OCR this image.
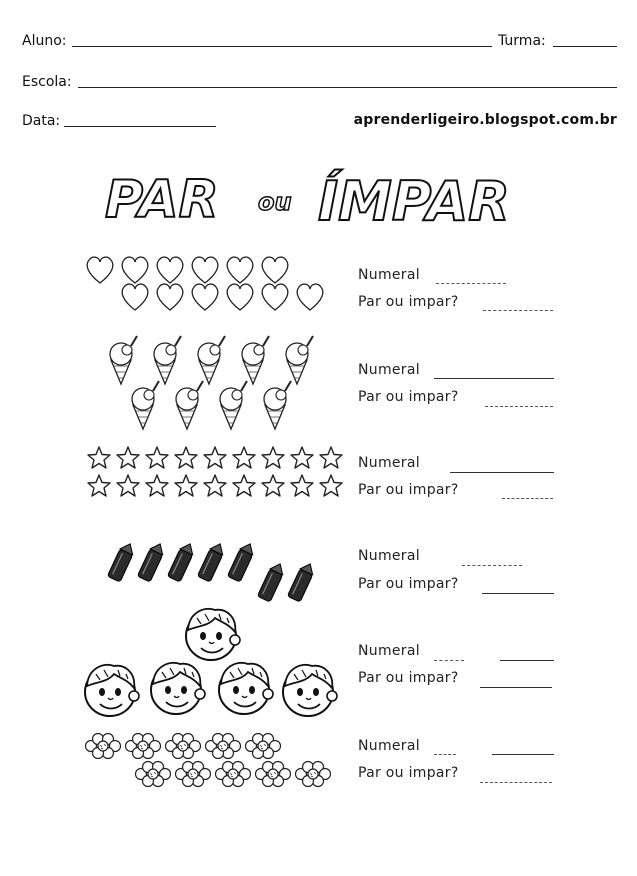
Aluno:	Turma:
Escola:
Data:	aprenderligeiro.blogspot.com.br
PAR ou ÍMPAR
Numeral
Par ou impar?
Numeral
Par ou impar?
Numeral
Par ou impar?
Numeral
Par ou impar?
Numeral
Par ou impar?
Numeral
Par ou impar?
